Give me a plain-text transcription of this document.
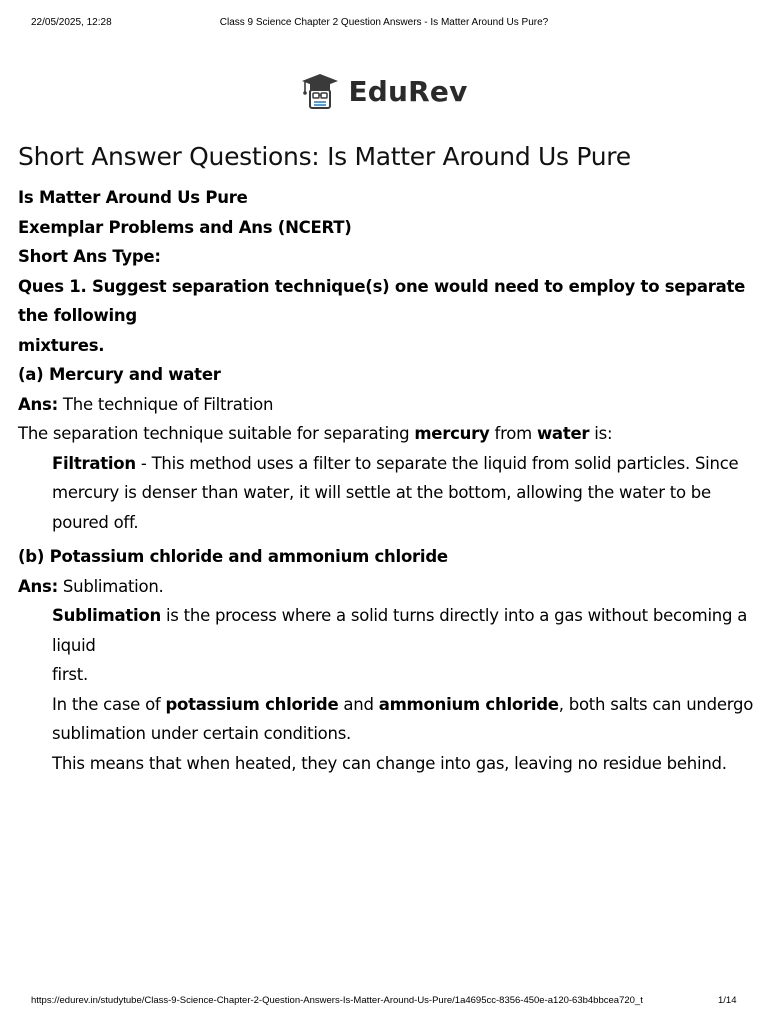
22/05/2025, 12:28	Class 9 Science Chapter 2 Question Answers - Is Matter Around Us Pure?
EduRev
Short Answer Questions: Is Matter Around Us Pure

Is Matter Around Us Pure

Exemplar Problems and Ans (NCERT)

Short Ans Type:

Ques 1. Suggest separation technique(s) one would need to employ to separate the following

mixtures.

(a) Mercury and water

Ans: The technique of Filtration

The separation technique suitable for separating mercury from water is:

Filtration - This method uses a filter to separate the liquid from solid particles. Since

mercury is denser than water, it will settle at the bottom, allowing the water to be poured off.

(b) Potassium chloride and ammonium chloride

Ans: Sublimation.

Sublimation is the process where a solid turns directly into a gas without becoming a liquid

first.

In the case of potassium chloride and ammonium chloride, both salts can undergo

sublimation under certain conditions.

This means that when heated, they can change into gas, leaving no residue behind.

https://edurev.in/studytube/Class-9-Science-Chapter-2-Question-Answers-Is-Matter-Around-Us-Pure/1a4695cc-8356-450e-a120-63b4bbcea720_t	1/14
